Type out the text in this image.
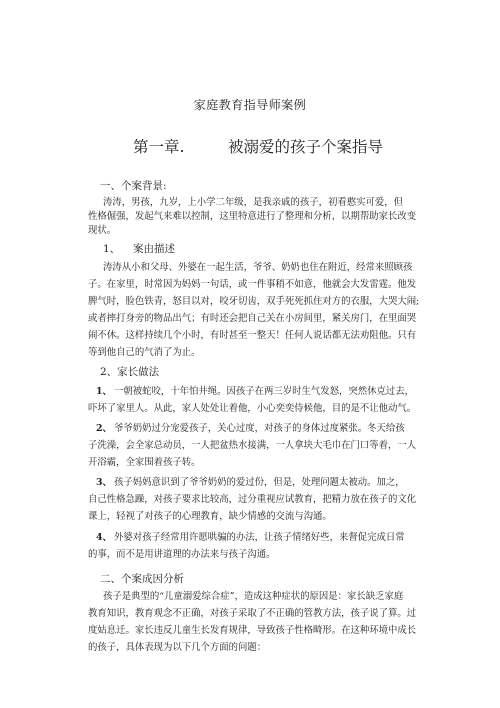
家庭教育指导师案例
第一章.	被溺爱的孩子个案指导
一、个案背景:
涛涛，男孩，九岁，上小学二年级，是我亲戚的孩子，初看憨实可爱，但
性格倔强，发起气来难以控制，这里特意进行了整理和分析，以期帮助家长改变
现状。
1、 案由描述
涛涛从小和父母、外婆在一起生活，爷爷、奶奶也住在附近，经常来照顾孩
子。在家里，时常因为妈妈一句话，或一件事稍不如意，他就会大发雷霆。他发
脾气时，脸色铁青，怒目以对，咬牙切齿，双手死死抓住对方的衣服，大哭大闹;
或者摔打身旁的物品出气；有时还会把自己关在小房间里，紧关房门，在里面哭
闹不休。这样持续几个小时，有时甚至一整天！任何人说话都无法劝阻他。只有
等到他自己的气消了为止。
2、家长做法
1、 一朝被蛇咬，十年怕井绳。因孩子在两三岁时生气发怒，突然休克过去，
吓坏了家里人。从此，家人处处让着他，小心奕奕侍候他，目的是不让他动气。
2、 爷爷奶奶过分宠爱孩子，关心过度，对孩子的身体过度紧张。冬天给孩
子洗澡，会全家总动员，一人把盆热水接满，一人拿块大毛巾在门口等着，一人
开浴霸，全家围着孩子转。
3、 孩子妈妈意识到了爷爷奶奶的爱过份，但是，处理问题太被动。加之，
自己性格急躁，对孩子要求比较高，过分重视应试教育，把精力放在孩子的文化
课上，轻视了对孩子的心理教育，缺少情感的交流与沟通。
4、 外婆对孩子经常用许愿哄骗的办法，让孩子情绪好些，来督促完成日常
的事，而不是用讲道理的办法来与孩子沟通。
二、个案成因分析
孩子是典型的“儿童溺爱综合症”，造成这种症状的原因是：家长缺乏家庭
教育知识，教育观念不正确，对孩子采取了不正确的管教方法，孩子说了算。过
度姑息迁。家长违反儿童生长发育规律，导致孩子性格畸形。在这种环境中成长
的孩子，具体表现为以下几个方面的问题：
